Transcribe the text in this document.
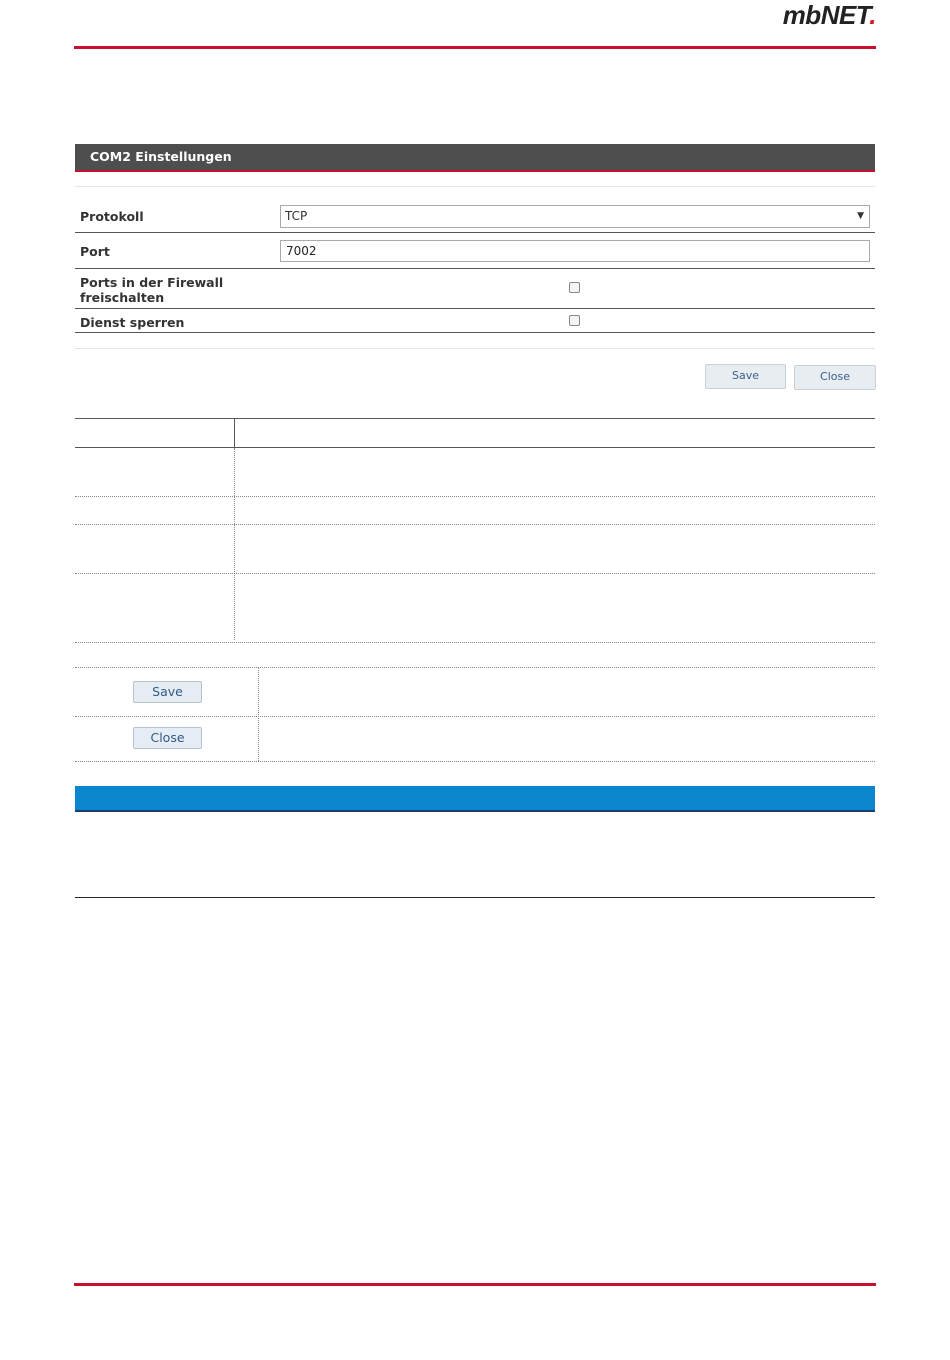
mbNET.
COM2 Einstellungen
Protokoll	TCP	▼
Port	7002
Ports in der Firewall
freischalten
Dienst sperren
Save	Close
Save
Close
